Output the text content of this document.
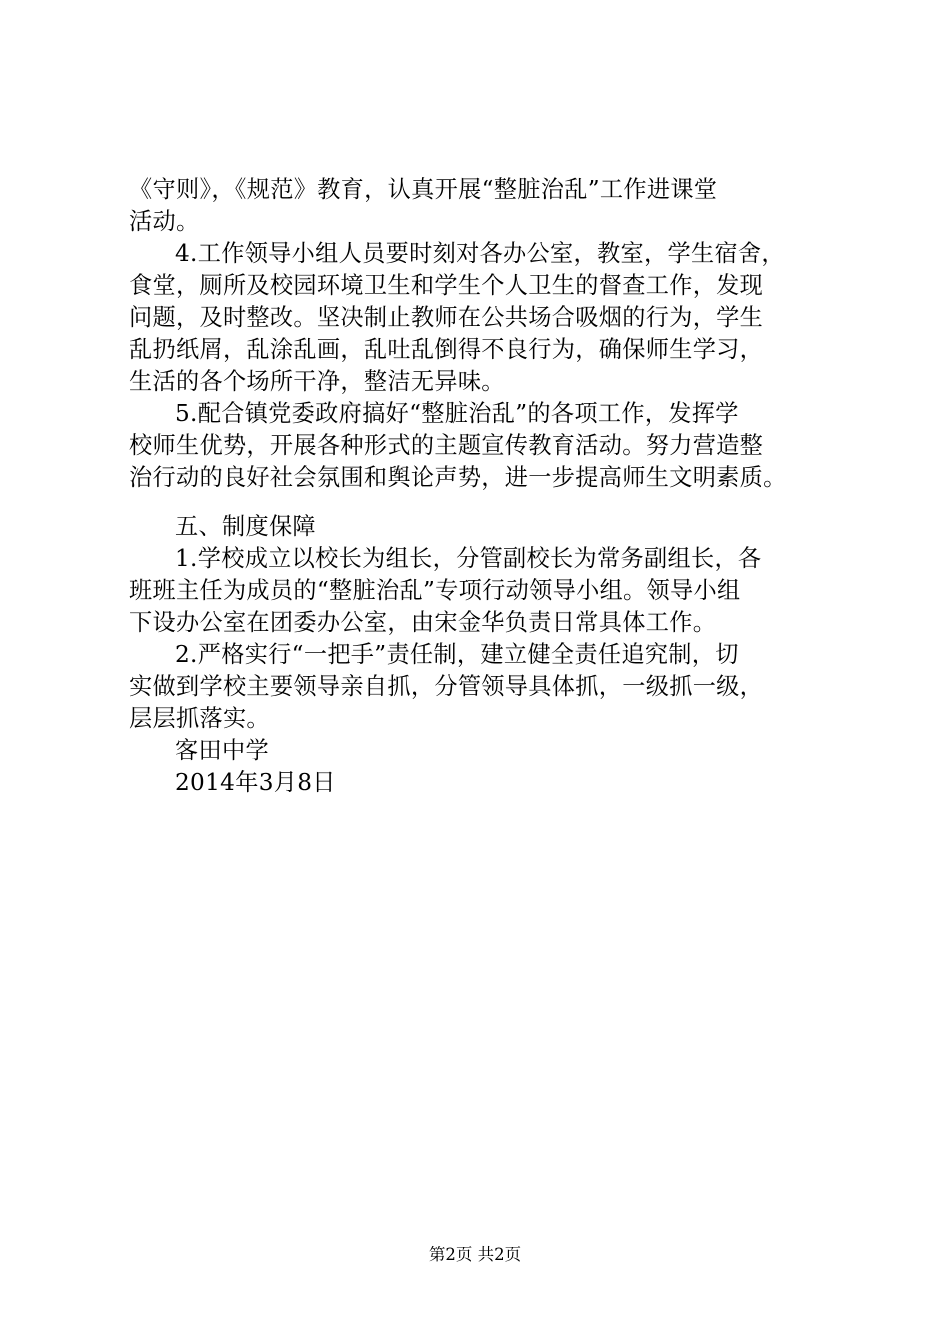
《守则》，《规范》教育，认真开展“整脏治乱”工作进课堂
活动。
4.工作领导小组人员要时刻对各办公室，教室，学生宿舍，
食堂，厕所及校园环境卫生和学生个人卫生的督查工作，发现
问题，及时整改。坚决制止教师在公共场合吸烟的行为，学生
乱扔纸屑，乱涂乱画，乱吐乱倒得不良行为，确保师生学习，
生活的各个场所干净，整洁无异味。
5.配合镇党委政府搞好“整脏治乱”的各项工作，发挥学
校师生优势，开展各种形式的主题宣传教育活动。努力营造整
治行动的良好社会氛围和舆论声势，进一步提高师生文明素质。
五、制度保障
1.学校成立以校长为组长，分管副校长为常务副组长，各
班班主任为成员的“整脏治乱”专项行动领导小组。领导小组
下设办公室在团委办公室，由宋金华负责日常具体工作。
2.严格实行“一把手”责任制，建立健全责任追究制，切
实做到学校主要领导亲自抓，分管领导具体抓，一级抓一级，
层层抓落实。
客田中学
2014年3月8日
第2页 共2页
